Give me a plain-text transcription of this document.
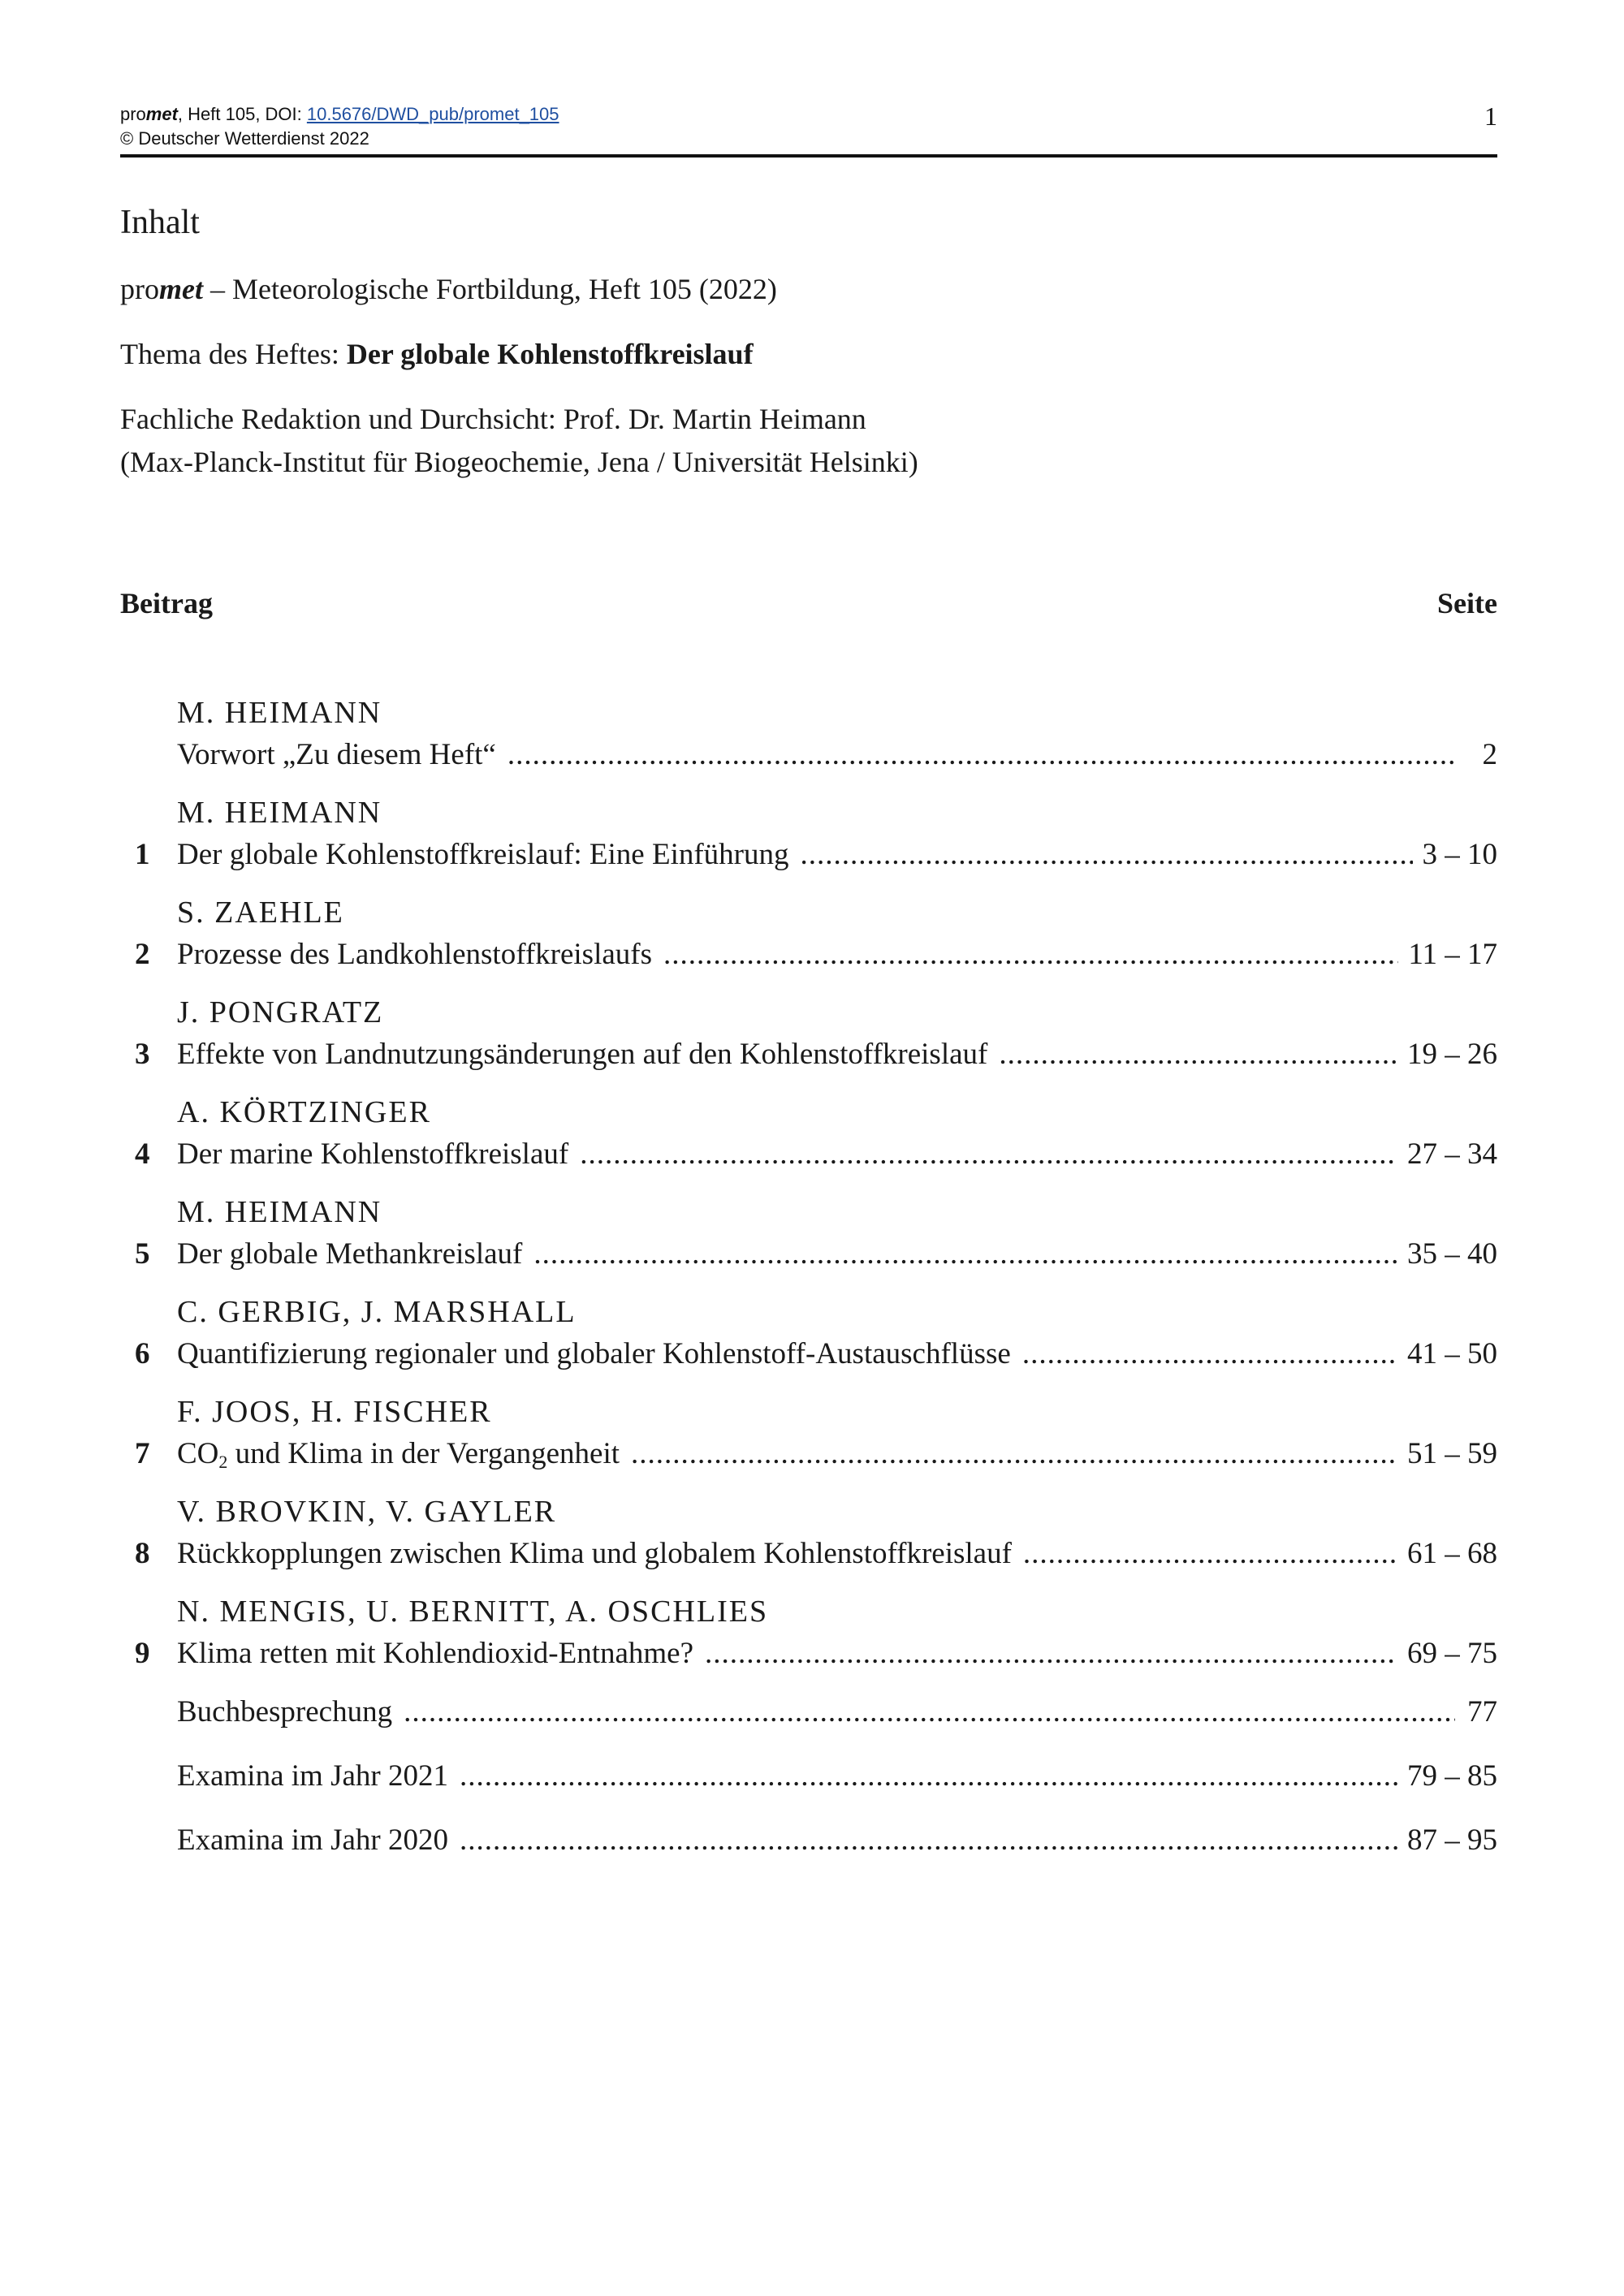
promet, Heft 105, DOI: 10.5676/DWD_pub/promet_105
© Deutscher Wetterdienst 2022
1
Inhalt
promet – Meteorologische Fortbildung, Heft 105 (2022)
Thema des Heftes: Der globale Kohlenstoffkreislauf
Fachliche Redaktion und Durchsicht: Prof. Dr. Martin Heimann
(Max-Planck-Institut für Biogeochemie, Jena / Universität Helsinki)
Beitrag	Seite
M. HEIMANN
Vorwort „Zu diesem Heft“ .....	2
M. HEIMANN
1 Der globale Kohlenstoffkreislauf: Eine Einführung .....	3 – 10
S. ZAEHLE
2 Prozesse des Landkohlenstoffkreislaufs .....	11 – 17
J. PONGRATZ
3 Effekte von Landnutzungsänderungen auf den Kohlenstoffkreislauf .....	19 – 26
A. KÖRTZINGER
4 Der marine Kohlenstoffkreislauf .....	27 – 34
M. HEIMANN
5 Der globale Methankreislauf .....	35 – 40
C. GERBIG, J. MARSHALL
6 Quantifizierung regionaler und globaler Kohlenstoff-Austauschflüsse .....	41 – 50
F. JOOS, H. FISCHER
7 $CO_2$ und Klima in der Vergangenheit .....	51 – 59
V. BROVKIN, V. GAYLER
8 Rückkopplungen zwischen Klima und globalem Kohlenstoffkreislauf .....	61 – 68
N. MENGIS, U. BERNITT, A. OSCHLIES
9 Klima retten mit Kohlendioxid-Entnahme? .....	69 – 75
Buchbesprechung .....	77
Examina im Jahr 2021 .....	79 – 85
Examina im Jahr 2020 .....	87 – 95
